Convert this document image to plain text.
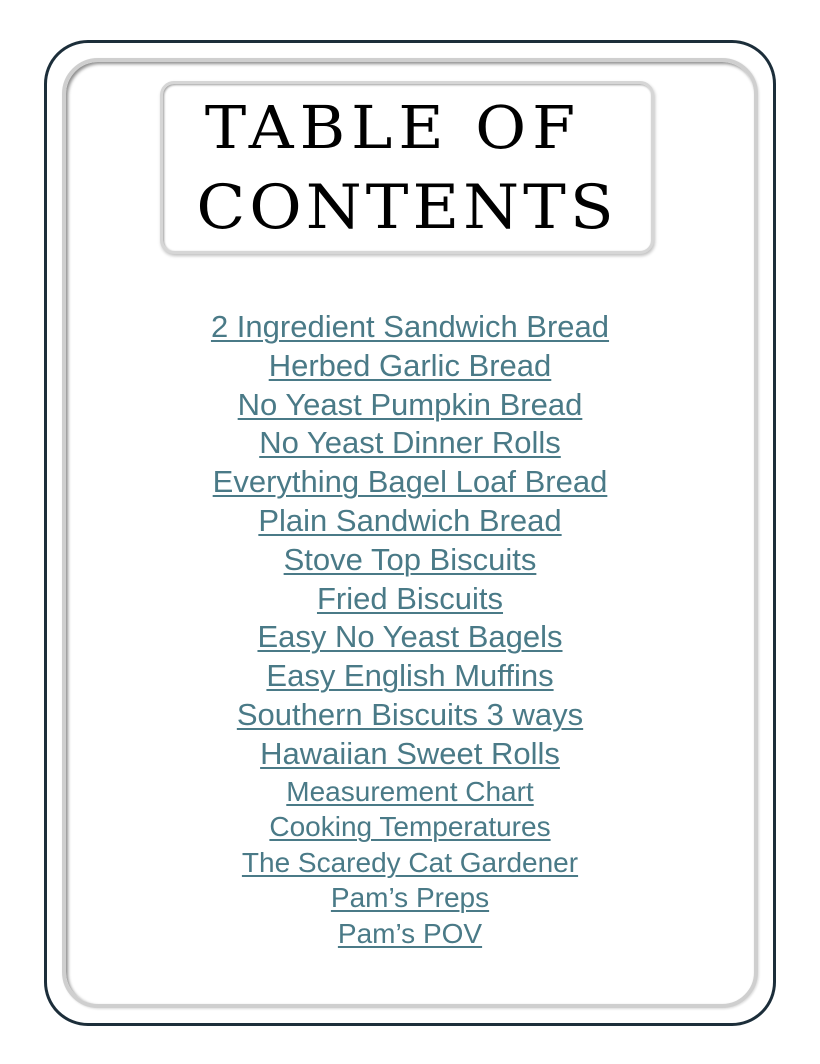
TABLE OF
CONTENTS
2 Ingredient Sandwich Bread
Herbed Garlic Bread
No Yeast Pumpkin Bread
No Yeast Dinner Rolls
Everything Bagel Loaf Bread
Plain Sandwich Bread
Stove Top Biscuits
Fried Biscuits
Easy No Yeast Bagels
Easy English Muffins
Southern Biscuits 3 ways
Hawaiian Sweet Rolls
Measurement Chart
Cooking Temperatures
The Scaredy Cat Gardener
Pam’s Preps
Pam’s POV
